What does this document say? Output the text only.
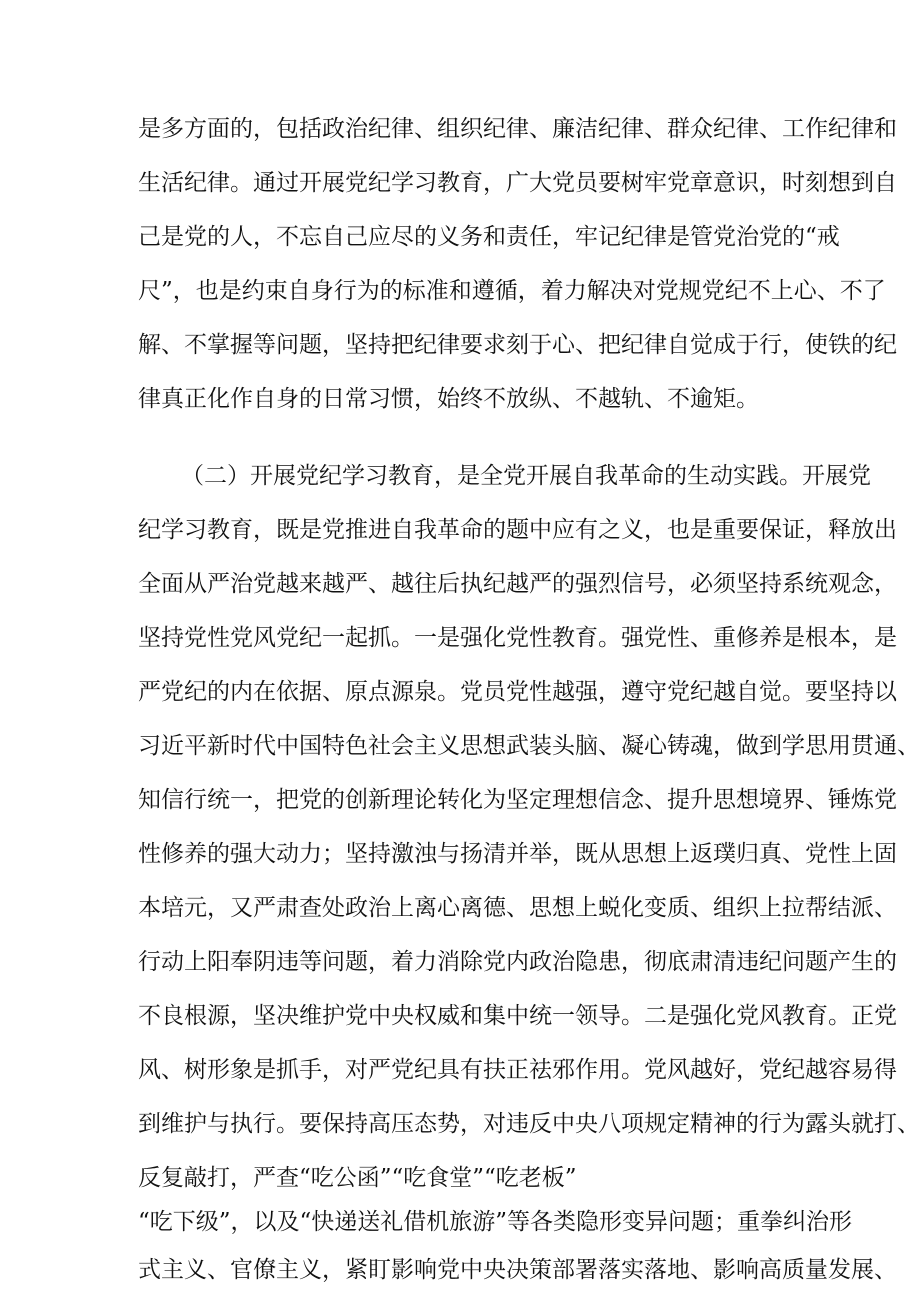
是多方面的，包括政治纪律、组织纪律、廉洁纪律、群众纪律、工作纪律和
生活纪律。通过开展党纪学习教育，广大党员要树牢党章意识，时刻想到自
己是党的人，不忘自己应尽的义务和责任，牢记纪律是管党治党的“戒
尺”，也是约束自身行为的标准和遵循，着力解决对党规党纪不上心、不了
解、不掌握等问题，坚持把纪律要求刻于心、把纪律自觉成于行，使铁的纪
律真正化作自身的日常习惯，始终不放纵、不越轨、不逾矩。
（二）开展党纪学习教育，是全党开展自我革命的生动实践。开展党
纪学习教育，既是党推进自我革命的题中应有之义，也是重要保证，释放出
全面从严治党越来越严、越往后执纪越严的强烈信号，必须坚持系统观念，
坚持党性党风党纪一起抓。一是强化党性教育。强党性、重修养是根本，是
严党纪的内在依据、原点源泉。党员党性越强，遵守党纪越自觉。要坚持以
习近平新时代中国特色社会主义思想武装头脑、凝心铸魂，做到学思用贯通、
知信行统一，把党的创新理论转化为坚定理想信念、提升思想境界、锤炼党
性修养的强大动力；坚持激浊与扬清并举，既从思想上返璞归真、党性上固
本培元，又严肃查处政治上离心离德、思想上蜕化变质、组织上拉帮结派、
行动上阳奉阴违等问题，着力消除党内政治隐患，彻底肃清违纪问题产生的
不良根源，坚决维护党中央权威和集中统一领导。二是强化党风教育。正党
风、树形象是抓手，对严党纪具有扶正祛邪作用。党风越好，党纪越容易得
到维护与执行。要保持高压态势，对违反中央八项规定精神的行为露头就打、
反复敲打，严查“吃公函”“吃食堂”“吃老板”
“吃下级”，以及“快递送礼借机旅游”等各类隐形变异问题；重拳纠治形
式主义、官僚主义，紧盯影响党中央决策部署落实落地、影响高质量发展、
